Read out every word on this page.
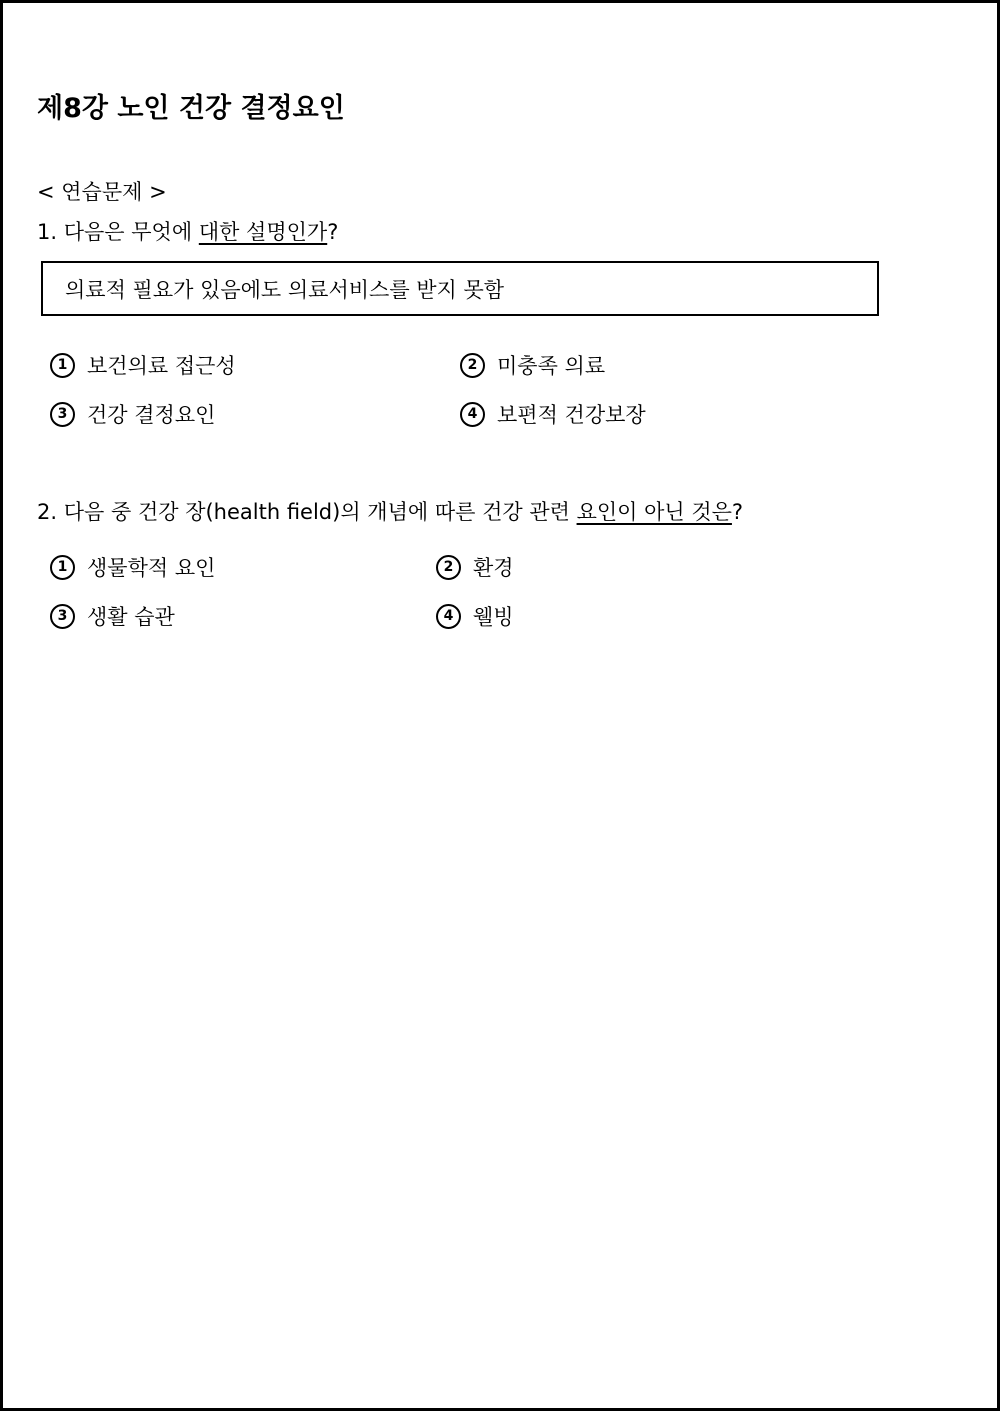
제8강 노인 건강 결정요인
< 연습문제 >
1. 다음은 무엇에 대한 설명인가?
의료적 필요가 있음에도 의료서비스를 받지 못함
1 보건의료 접근성	2 미충족 의료
3 건강 결정요인	4 보편적 건강보장
2. 다음 중 건강 장(health field)의 개념에 따른 건강 관련 요인이 아닌 것은?
1 생물학적 요인	2 환경
3 생활 습관	4 웰빙
